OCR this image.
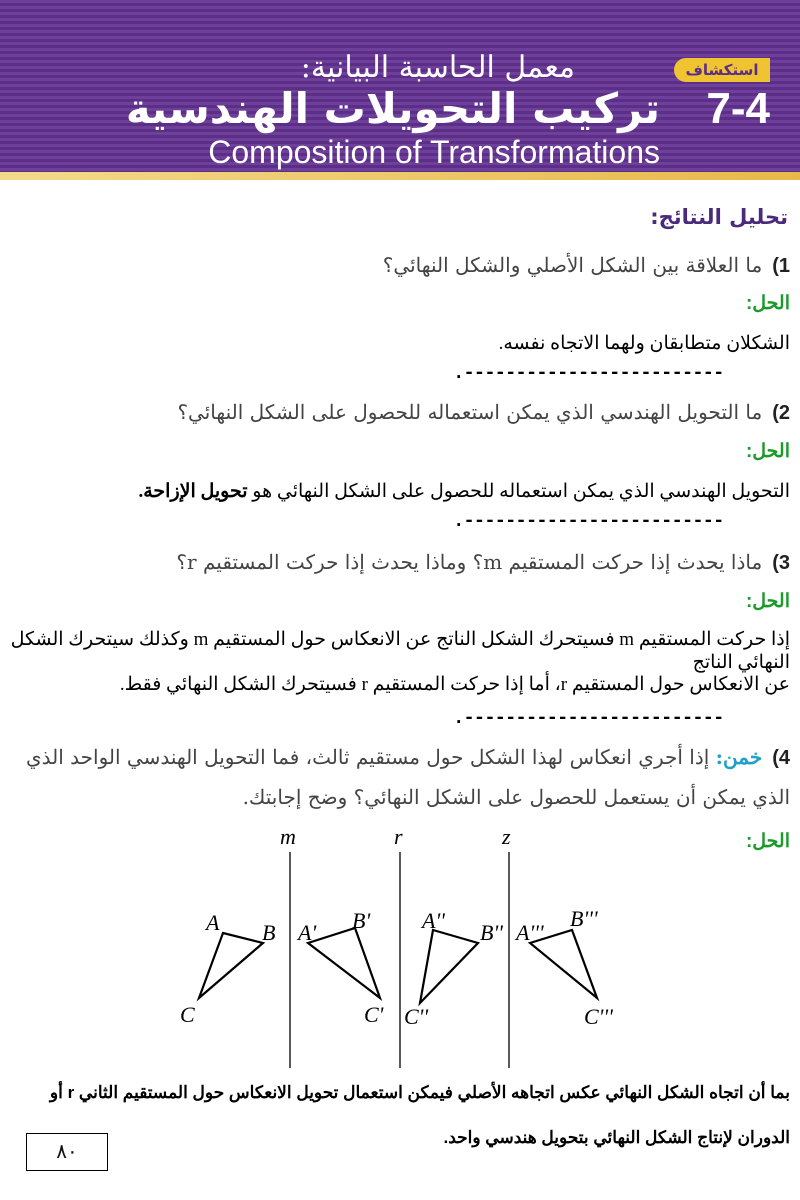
استكشاف
معمل الحاسبة البيانية:
7-4
تركيب التحويلات الهندسية
Composition of Transformations
تحليل النتائج:
1)ما العلاقة بين الشكل الأصلي والشكل النهائي؟
الحل:
الشكلان متطابقان ولهما الاتجاه نفسه.
.-------------------------
2)ما التحويل الهندسي الذي يمكن استعماله للحصول على الشكل النهائي؟
الحل:
التحويل الهندسي الذي يمكن استعماله للحصول على الشكل النهائي هو تحويل الإزاحة.
.-------------------------
3)ماذا يحدث إذا حركت المستقيم m؟ وماذا يحدث إذا حركت المستقيم r؟
الحل:
إذا حركت المستقيم m فسيتحرك الشكل الناتج عن الانعكاس حول المستقيم m وكذلك سيتحرك الشكل النهائي الناتج
عن الانعكاس حول المستقيم r، أما إذا حركت المستقيم r فسيتحرك الشكل النهائي فقط.
.-------------------------
4)خمن: إذا أجري انعكاس لهذا الشكل حول مستقيم ثالث، فما التحويل الهندسي الواحد الذي
الذي يمكن أن يستعمل للحصول على الشكل النهائي؟ وضح إجابتك.
الحل:
m	r	z
A B
C
A' B'
C'
A'' B''
C''
A'''
B'''
C'''
بما أن اتجاه الشكل النهائي عكس اتجاهه الأصلي فيمكن استعمال تحويل الانعكاس حول المستقيم الثاني r أو
الدوران لإنتاج الشكل النهائي بتحويل هندسي واحد.
٨٠
